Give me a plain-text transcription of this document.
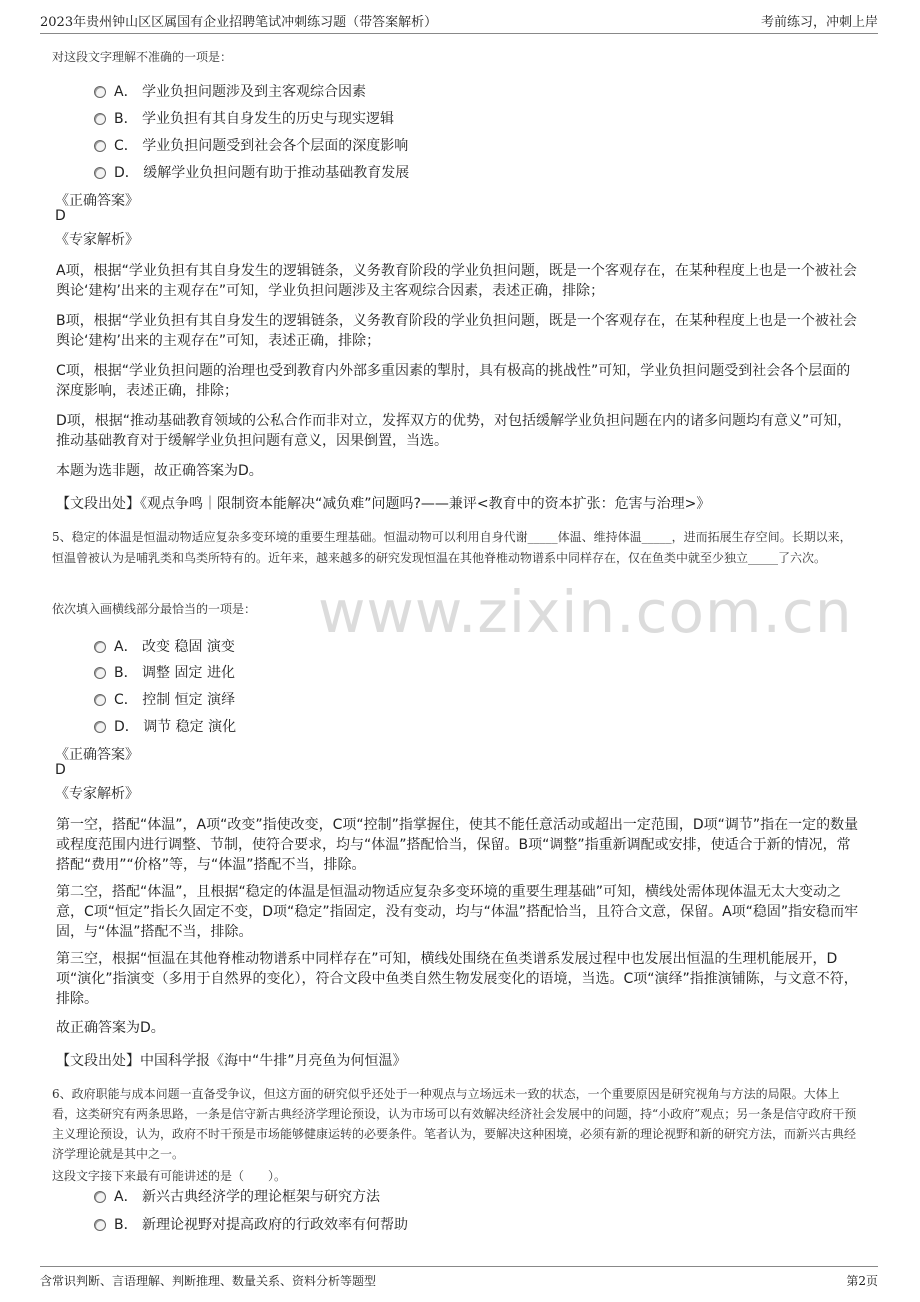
2023年贵州钟山区区属国有企业招聘笔试冲刺练习题（带答案解析）	考前练习，冲刺上岸
www.zixin.com.cn
对这段文字理解不准确的一项是：
A． 学业负担问题涉及到主客观综合因素
B． 学业负担有其自身发生的历史与现实逻辑
C． 学业负担问题受到社会各个层面的深度影响
D． 缓解学业负担问题有助于推动基础教育发展
《正确答案》
D
《专家解析》
A项，根据“学业负担有其自身发生的逻辑链条，义务教育阶段的学业负担问题，既是一个客观存在，在某种程度上也是一个被社会舆论‘建构’出来的主观存在”可知，学业负担问题涉及主客观综合因素，表述正确，排除；
B项，根据“学业负担有其自身发生的逻辑链条，义务教育阶段的学业负担问题，既是一个客观存在，在某种程度上也是一个被社会舆论‘建构’出来的主观存在”可知，表述正确，排除；
C项，根据“学业负担问题的治理也受到教育内外部多重因素的掣肘，具有极高的挑战性”可知，学业负担问题受到社会各个层面的深度影响，表述正确，排除；
D项，根据“推动基础教育领域的公私合作而非对立，发挥双方的优势，对包括缓解学业负担问题在内的诸多问题均有意义”可知，推动基础教育对于缓解学业负担问题有意义，因果倒置，当选。
本题为选非题，故正确答案为D。
【文段出处】《观点争鸣｜限制资本能解决“减负难”问题吗?——兼评<教育中的资本扩张：危害与治理>》
5、稳定的体温是恒温动物适应复杂多变环境的重要生理基础。恒温动物可以利用自身代谢_____体温、维持体温_____，进而拓展生存空间。长期以来，恒温曾被认为是哺乳类和鸟类所特有的。近年来，越来越多的研究发现恒温在其他脊椎动物谱系中同样存在，仅在鱼类中就至少独立_____了六次。
依次填入画横线部分最恰当的一项是：
A． 改变 稳固 演变
B． 调整 固定 进化
C． 控制 恒定 演绎
D． 调节 稳定 演化
《正确答案》
D
《专家解析》
第一空，搭配“体温”，A项“改变”指使改变，C项“控制”指掌握住，使其不能任意活动或超出一定范围，D项“调节”指在一定的数量或程度范围内进行调整、节制，使符合要求，均与“体温”搭配恰当，保留。B项“调整”指重新调配或安排，使适合于新的情况，常搭配“费用”“价格”等，与“体温”搭配不当，排除。
第二空，搭配“体温”，且根据“稳定的体温是恒温动物适应复杂多变环境的重要生理基础”可知，横线处需体现体温无太大变动之意，C项“恒定”指长久固定不变，D项“稳定”指固定，没有变动，均与“体温”搭配恰当，且符合文意，保留。A项“稳固”指安稳而牢固，与“体温”搭配不当，排除。
第三空，根据“恒温在其他脊椎动物谱系中同样存在”可知，横线处围绕在鱼类谱系发展过程中也发展出恒温的生理机能展开，D项“演化”指演变（多用于自然界的变化），符合文段中鱼类自然生物发展变化的语境，当选。C项“演绎”指推演铺陈，与文意不符，排除。
故正确答案为D。
【文段出处】中国科学报《海中“牛排”月亮鱼为何恒温》
6、政府职能与成本问题一直备受争议，但这方面的研究似乎还处于一种观点与立场远未一致的状态，一个重要原因是研究视角与方法的局限。大体上看，这类研究有两条思路，一条是信守新古典经济学理论预设，认为市场可以有效解决经济社会发展中的问题，持“小政府”观点；另一条是信守政府干预主义理论预设，认为，政府不时干预是市场能够健康运转的必要条件。笔者认为，要解决这种困境，必须有新的理论视野和新的研究方法，而新兴古典经济学理论就是其中之一。
这段文字接下来最有可能讲述的是（　　）。
A． 新兴古典经济学的理论框架与研究方法
B． 新理论视野对提高政府的行政效率有何帮助
含常识判断、言语理解、判断推理、数量关系、资料分析等题型	第2页
